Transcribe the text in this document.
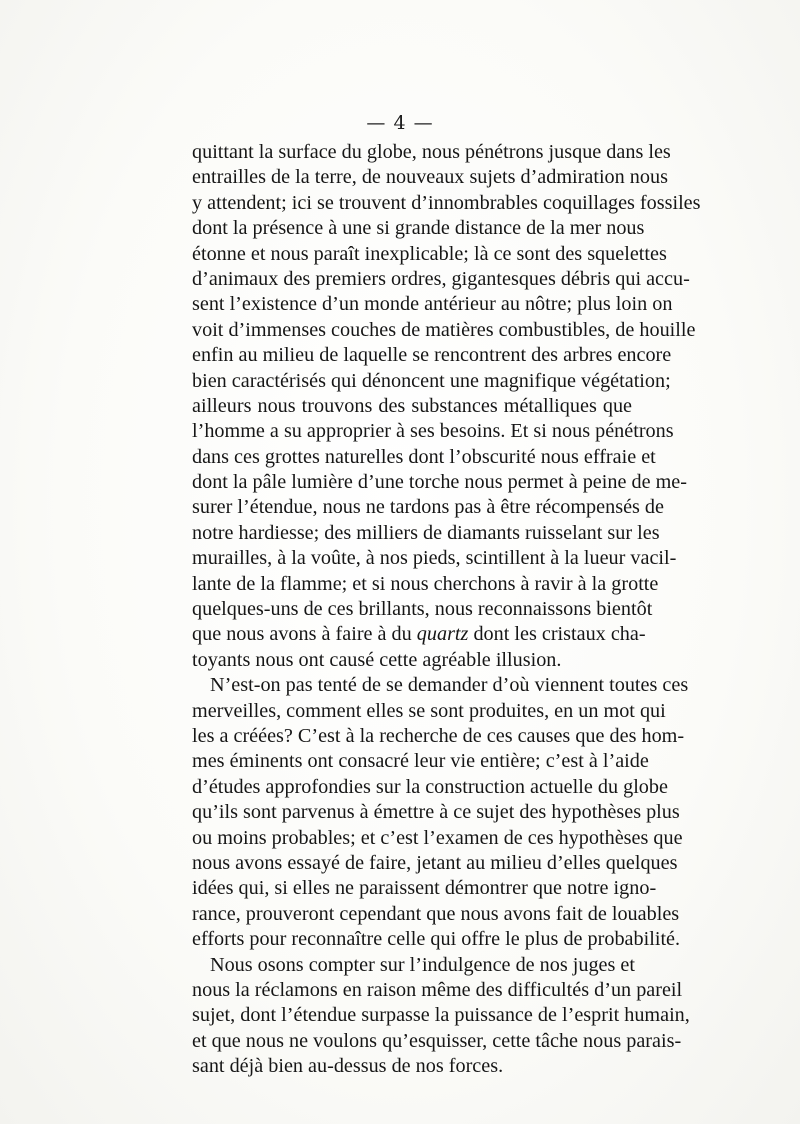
— 4 —
quittant la surface du globe, nous pénétrons jusque dans les
entrailles de la terre, de nouveaux sujets d’admiration nous
y attendent; ici se trouvent d’innombrables coquillages fossiles
dont la présence à une si grande distance de la mer nous
étonne et nous paraît inexplicable; là ce sont des squelettes
d’animaux des premiers ordres, gigantesques débris qui accu-
sent l’existence d’un monde antérieur au nôtre; plus loin on
voit d’immenses couches de matières combustibles, de houille
enfin au milieu de laquelle se rencontrent des arbres encore
bien caractérisés qui dénoncent une magnifique végétation;
ailleurs nous trouvons des substances métalliques que
l’homme a su approprier à ses besoins. Et si nous pénétrons
dans ces grottes naturelles dont l’obscurité nous effraie et
dont la pâle lumière d’une torche nous permet à peine de me-
surer l’étendue, nous ne tardons pas à être récompensés de
notre hardiesse; des milliers de diamants ruisselant sur les
murailles, à la voûte, à nos pieds, scintillent à la lueur vacil-
lante de la flamme; et si nous cherchons à ravir à la grotte
quelques-uns de ces brillants, nous reconnaissons bientôt
que nous avons à faire à du quartz dont les cristaux cha-
toyants nous ont causé cette agréable illusion.
N’est-on pas tenté de se demander d’où viennent toutes ces
merveilles, comment elles se sont produites, en un mot qui
les a créées? C’est à la recherche de ces causes que des hom-
mes éminents ont consacré leur vie entière; c’est à l’aide
d’études approfondies sur la construction actuelle du globe
qu’ils sont parvenus à émettre à ce sujet des hypothèses plus
ou moins probables; et c’est l’examen de ces hypothèses que
nous avons essayé de faire, jetant au milieu d’elles quelques
idées qui, si elles ne paraissent démontrer que notre igno-
rance, prouveront cependant que nous avons fait de louables
efforts pour reconnaître celle qui offre le plus de probabilité.
Nous osons compter sur l’indulgence de nos juges et
nous la réclamons en raison même des difficultés d’un pareil
sujet, dont l’étendue surpasse la puissance de l’esprit humain,
et que nous ne voulons qu’esquisser, cette tâche nous parais-
sant déjà bien au-dessus de nos forces.
